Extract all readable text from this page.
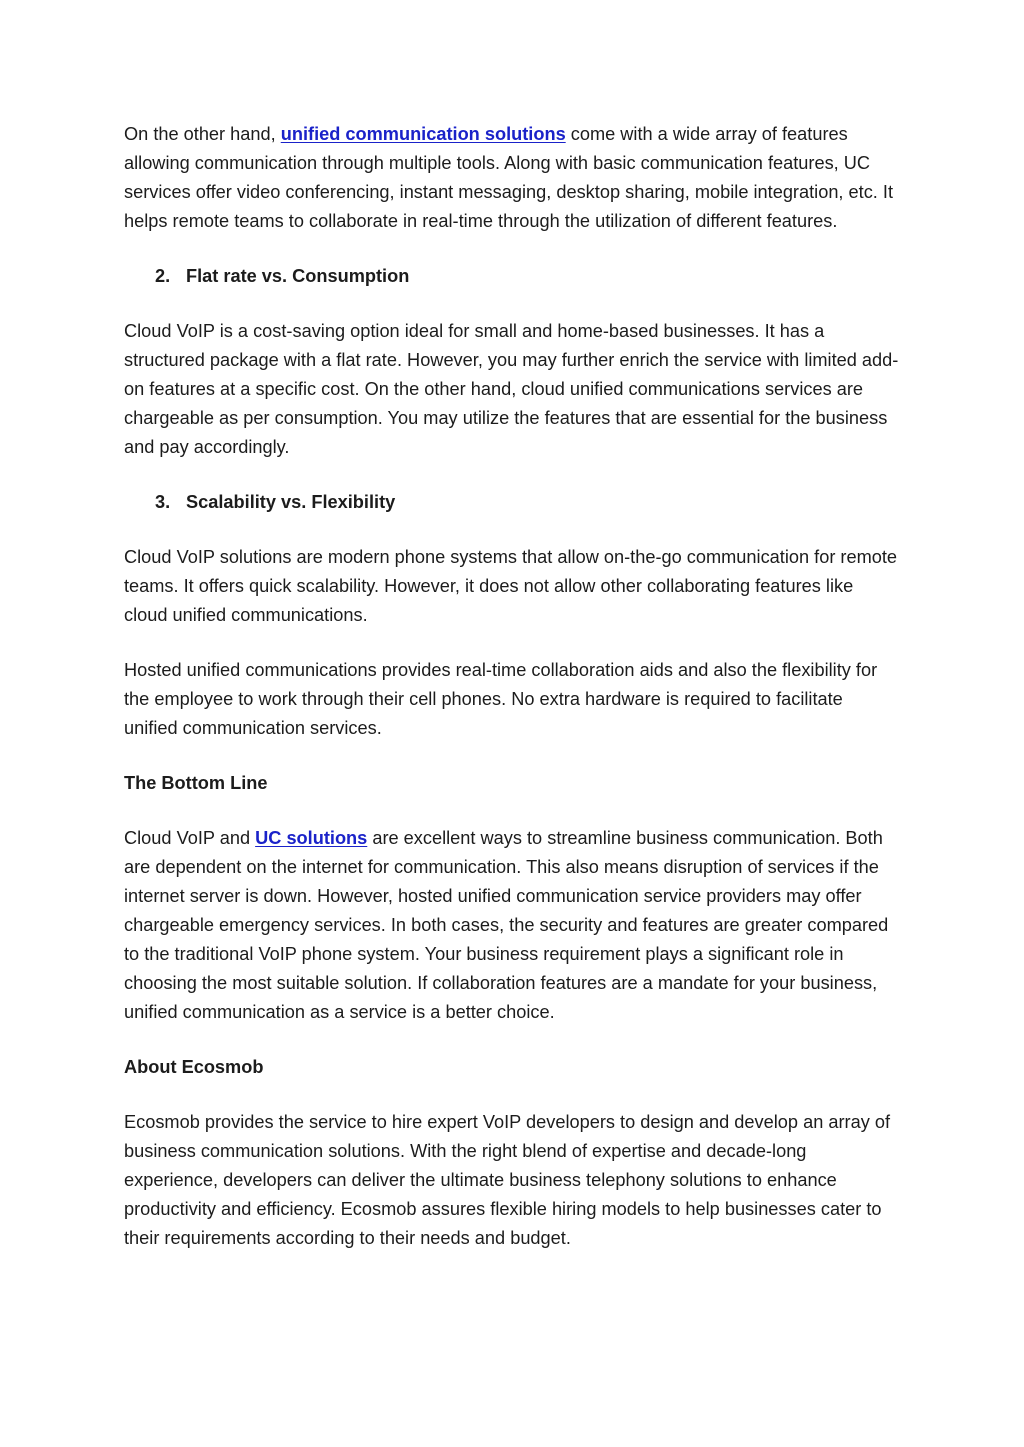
On the other hand, unified communication solutions come with a wide array of features allowing communication through multiple tools. Along with basic communication features, UC services offer video conferencing, instant messaging, desktop sharing, mobile integration, etc. It helps remote teams to collaborate in real-time through the utilization of different features.

2. Flat rate vs. Consumption

Cloud VoIP is a cost-saving option ideal for small and home-based businesses. It has a structured package with a flat rate. However, you may further enrich the service with limited add-on features at a specific cost. On the other hand, cloud unified communications services are chargeable as per consumption. You may utilize the features that are essential for the business and pay accordingly.

3. Scalability vs. Flexibility

Cloud VoIP solutions are modern phone systems that allow on-the-go communication for remote teams. It offers quick scalability. However, it does not allow other collaborating features like cloud unified communications.

Hosted unified communications provides real-time collaboration aids and also the flexibility for the employee to work through their cell phones. No extra hardware is required to facilitate unified communication services.

The Bottom Line

Cloud VoIP and UC solutions are excellent ways to streamline business communication. Both are dependent on the internet for communication. This also means disruption of services if the internet server is down. However, hosted unified communication service providers may offer chargeable emergency services. In both cases, the security and features are greater compared to the traditional VoIP phone system. Your business requirement plays a significant role in choosing the most suitable solution. If collaboration features are a mandate for your business, unified communication as a service is a better choice.

About Ecosmob

Ecosmob provides the service to hire expert VoIP developers to design and develop an array of business communication solutions. With the right blend of expertise and decade-long experience, developers can deliver the ultimate business telephony solutions to enhance productivity and efficiency. Ecosmob assures flexible hiring models to help businesses cater to their requirements according to their needs and budget.
